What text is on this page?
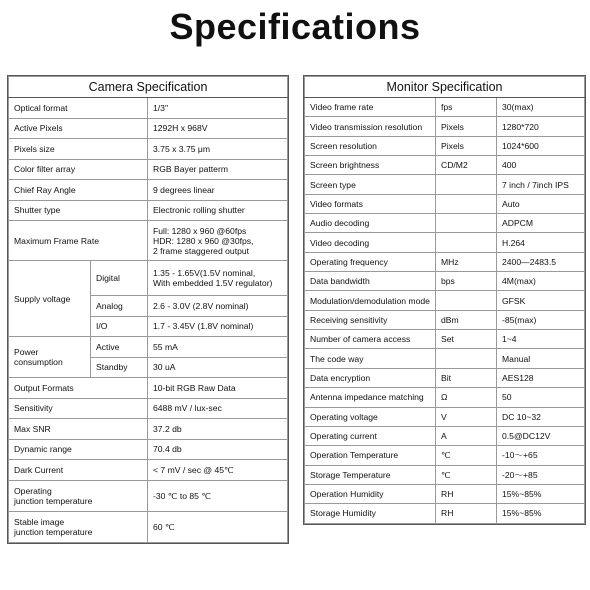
Specifications
Camera Specification		
Optical format		1/3"
Active Pixels		1292H x 968V
Pixels size		3.75 x 3.75 μm
Color filter array		RGB Bayer patterm
Chief Ray Angle		9 degrees linear
Shutter type		Electronic rolling shutter
Maximum Frame Rate		Full: 1280 x 960 @60fps
HDR: 1280 x 960 @30fps,
2 frame staggered output

Supply voltage	Digital	1.35 - 1.65V(1.5V nominal,
With embedded 1.5V regulator)

	Analog	2.6 - 3.0V (2.8V nominal)
	I/O	1.7 - 3.45V (1.8V nominal)

Power
consumption	Active	55 mA
	Standby	30 uA
Output Formats		10-bit RGB Raw Data
Sensitivity		6488 mV / lux-sec
Max SNR		37.2 db
Dynamic range		70.4 db
Dark Current		< 7 mV / sec @ 45℃

Operating
junction temperature		-30 ℃ to 85 ℃

Stable image
junction temperature		60 ℃
Monitor Specification		
Video frame rate	fps	30(max)
Video transmission resolution	Pixels	1280*720
Screen resolution	Pixels	1024*600
Screen brightness	CD/M2	400
Screen type		7 inch / 7inch IPS
Video formats		Auto
Audio decoding		ADPCM
Video decoding		H.264
Operating frequency	MHz	2400—2483.5
Data bandwidth	bps	4M(max)
Modulation/demodulation mode		GFSK
Receiving sensitivity	dBm	-85(max)
Number of camera access	Set	1~4
The code way		Manual
Data encryption	Bit	AES128
Antenna impedance matching	Ω	50
Operating voltage	V	DC 10~32
Operating current	A	0.5@DC12V
Operation Temperature	℃	-10～+65
Storage Temperature	℃	-20～+85
Operation Humidity	RH	15%~85%
Storage Humidity	RH	15%~85%
